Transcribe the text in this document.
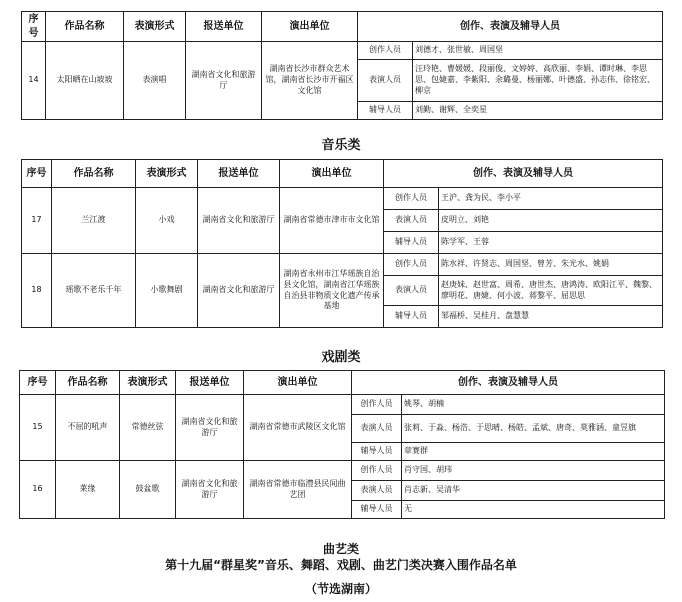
序号	作品名称	表演形式	报送单位	演出单位	创作、表演及辅导人员	
14	太阳晒在山坡坡	表演唱	湖南省文化和旅游厅	湖南省长沙市群众艺术馆，湖南省长沙市开福区文化馆	创作人员	刘德才、张世敏、周国坚
					表演人员	汪玲艳、曹媛媛、段丽俊、文婷婷、高欣丽、李娟、谭时琳、李思思、包婕嘉、李紫阳、余璐曼、杨丽娜、叶德盛、孙志伟、徐铭宏、柳京
					辅导人员	刘勤、谢辉、全奕星
音乐类
序号	作品名称	表演形式	报送单位	演出单位	创作、表演及辅导人员	
17	兰江渡	小戏	湖南省文化和旅游厅	湖南省常德市津市市文化馆	创作人员	王沪、龚为民、李小平
					表演人员	皮明立、刘艳
					辅导人员	陈学军、王蓉
18	瑶歌不老乐千年	小歌舞剧	湖南省文化和旅游厅	湖南省永州市江华瑶族自治县文化馆，湖南省江华瑶族自治县非物质文化遗产传承基地	创作人员	陈水祥、许贤志、周国坚、曾芳、朱光水、姚娟
					表演人员	赵庚妹、赵世富、周希、唐世杰、唐鸿涛、欧阳江平、魏黎、廖明花、唐婕、何小波、蒋黎平、屈思思
					辅导人员	邹福桥、吴桂月、盘慧慧
戏剧类
序号	作品名称	表演形式	报送单位	演出单位	创作、表演及辅导人员	
15	不屈的吼声	常德丝弦	湖南省文化和旅游厅	湖南省常德市武陵区文化馆	创作人员	姚琴、胡楠
					表演人员	张莉、于淼、杨浩、于思晴、杨皓、孟斌、唐奇、莫雅涵、童昱旗
					辅导人员	章赛群
16	莱缘	鼓盆歌	湖南省文化和旅游厅	湖南省常德市临澧县民间曲艺团	创作人员	肖守国、胡玮
					表演人员	肖志新、吴清华
					辅导人员	无
曲艺类
第十九届“群星奖”音乐、舞蹈、戏剧、曲艺门类决赛入围作品名单
（节选湖南）
